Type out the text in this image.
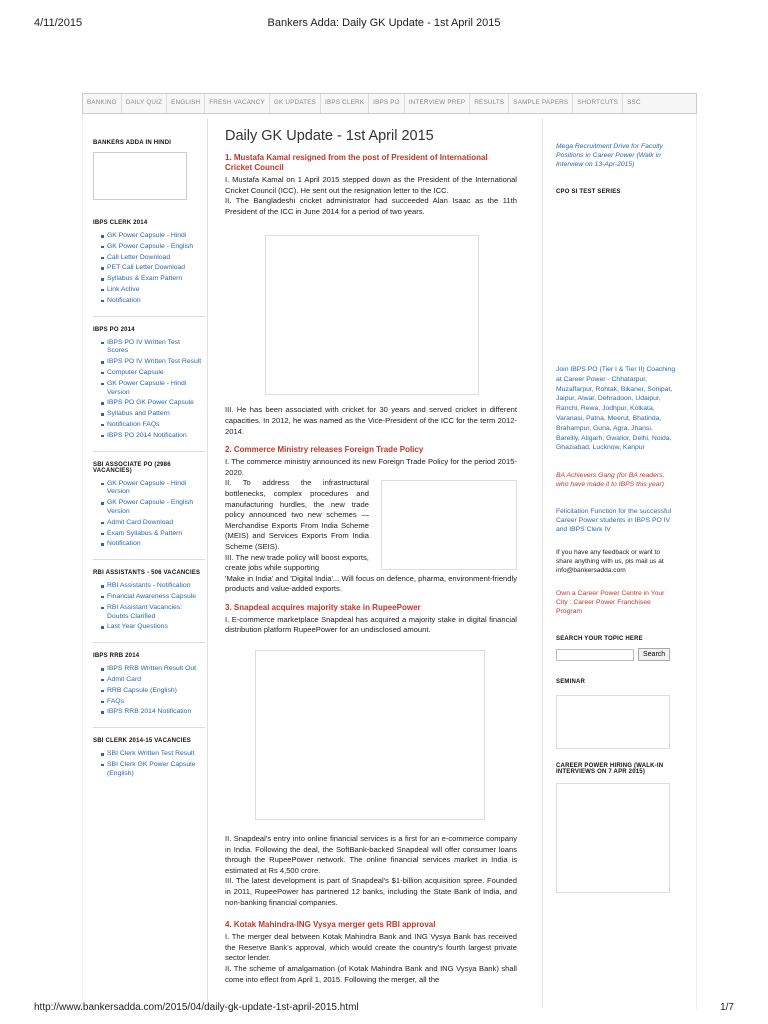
4/11/2015	Bankers Adda: Daily GK Update - 1st April 2015
BANKING	DAILY QUIZ	ENGLISH	FRESH VACANCY	GK UPDATES	IBPS CLERK	IBPS PO	INTERVIEW PREP	RESULTS	SAMPLE PAPERS	SHORTCUTS	SSC
BANKERS ADDA IN HINDI
IBPS CLERK 2014
GK Power Capsule - Hindi
GK Power Capsule - English
Call Letter Download
PET Call Letter Download
Syllabus & Exam Pattern
Link Active
Notification
IBPS PO 2014
IBPS PO IV Written Test Scores
IBPS PO IV Written Test Result
Computer Capsule
GK Power Capsule - Hindi Version
IBPS PO GK Power Capsule
Syllabus and Pattern
Notification FAQs
IBPS PO 2014 Notification
SBI ASSOCIATE PO (2986 VACANCIES)
GK Power Capsule - Hindi Version
GK Power Capsule - English Version
Admit Card Download
Exam Syllabus & Pattern
Notification
RBI ASSISTANTS - 506 VACANCIES
RBI Assistants - Notification
Financial Awareness Capsule
RBI Assistant Vacancies: Doubts Clarified
Last Year Questions
IBPS RRB 2014
IBPS RRB Written Result Out
Admit Card
RRB Capsule (English)
FAQs
IBPS RRB 2014 Notification
SBI CLERK 2014-15 VACANCIES
SBI Clerk Written Test Result
SBI Clerk GK Power Capsule (English)
Daily GK Update - 1st April 2015
1. Mustafa Kamal resigned from the post of President of International Cricket Council

I. Mustafa Kamal on 1 April 2015 stepped down as the President of the International Cricket Council (ICC). He sent out the resignation letter to the ICC.

II. The Bangladeshi cricket administrator had succeeded Alan Isaac as the 11th President of the ICC in June 2014 for a period of two years.

III. He has been associated with cricket for 30 years and served cricket in different capacities. In 2012, he was named as the Vice-President of the ICC for the term 2012-2014.

2. Commerce Ministry releases Foreign Trade Policy

I. The commerce ministry announced its new Foreign Trade Policy for the period 2015-2020.

II. To address the infrastructural bottlenecks, complex procedures and manufacturing hurdles, the new trade policy announced two new schemes — Merchandise Exports From India Scheme (MEIS) and Services Exports From India Scheme (SEIS).

III. The new trade policy will boost exports, create jobs while supporting

'Make in India' and 'Digital India'... Will focus on defence, pharma, environment-friendly products and value-added exports.

3. Snapdeal acquires majority stake in RupeePower

I. E-commerce marketplace Snapdeal has acquired a majority stake in digital financial distribution platform RupeePower for an undisclosed amount.

II. Snapdeal's entry into online financial services is a first for an e-commerce company in India. Following the deal, the SoftBank-backed Snapdeal will offer consumer loans through the RupeePower network. The online financial services market in India is estimated at Rs 4,500 crore.

III. The latest development is part of Snapdeal's $1-billion acquisition spree. Founded in 2011, RupeePower has partnered 12 banks, including the State Bank of India, and non-banking financial companies.

4. Kotak Mahindra-ING Vysya merger gets RBI approval

I. The merger deal between Kotak Mahindra Bank and ING Vysya Bank has received the Reserve Bank's approval, which would create the country's fourth largest private sector lender.

II. The scheme of amalgamation (of Kotak Mahindra Bank and ING Vysya Bank) shall come into effect from April 1, 2015. Following the merger, all the

Mega Recruitment Drive for Faculty Positions in Career Power (Walk in Interview on 13-Apr-2015)
CPO SI TEST SERIES
Join IBPS PO (Tier I & Tier II) Coaching at Career Power - Chhatarpur, Muzaffarpur, Rohtak, Bikaner, Sonipat, Jaipur, Alwar, Dehradoon, Udaipur, Ranchi, Rewa, Jodhpur, Kolkata, Varanasi, Patna, Meerut, Bhatinda, Brahampur, Guna, Agra, Jhansi, Bareilly, Aligarh, Gwalior, Delhi, Noida, Ghaziabad, Lucknow, Kanpur
BA Achievers Gang (for BA readers, who have made it to IBPS this year)
Felicitation Function for the successful Career Power students in IBPS PO IV and IBPS Clerk IV
If you have any feedback or want to share anything with us, pls mail us at info@bankersadda.com
Own a Career Power Centre in Your City : Career Power Franchisee Program
SEARCH YOUR TOPIC HERE
Search
SEMINAR
CAREER POWER HIRING (WALK-IN INTERVIEWS ON 7 APR 2015)
http://www.bankersadda.com/2015/04/daily-gk-update-1st-april-2015.html	1/7
